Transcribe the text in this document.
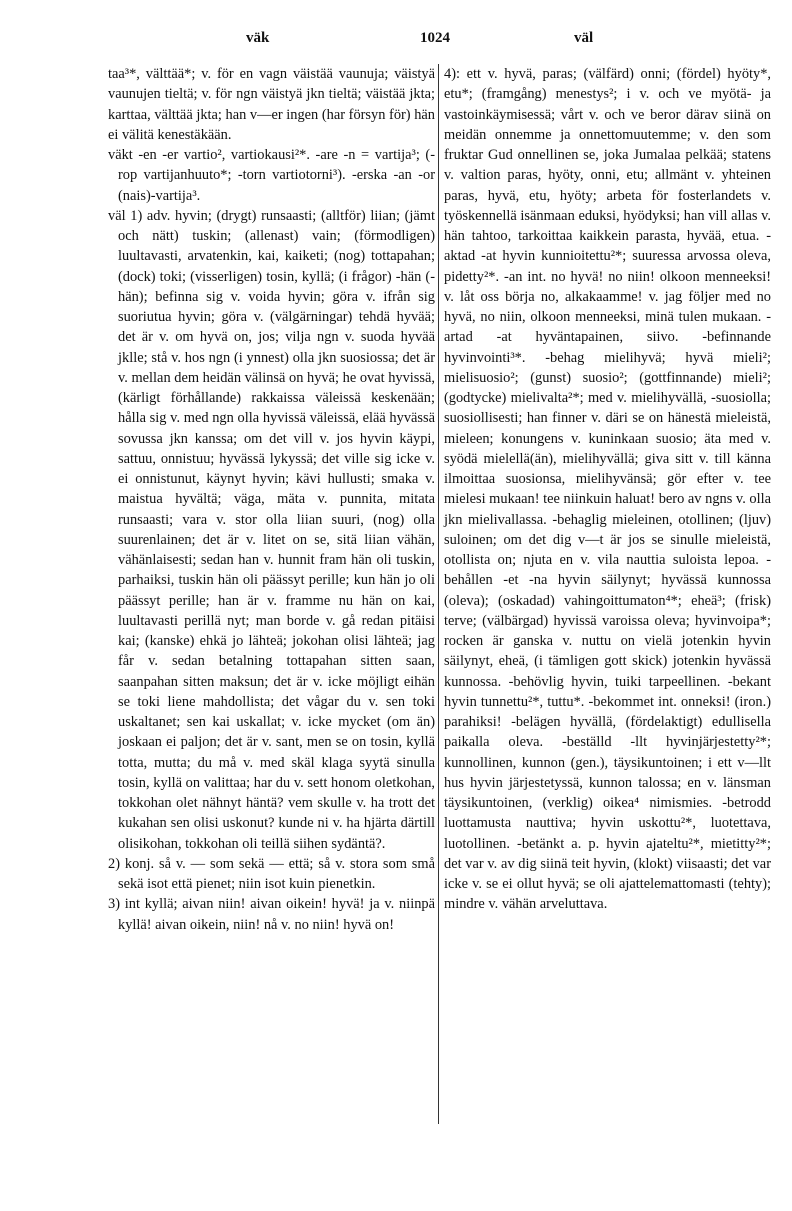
väk	1024	väl

taa³*, välttää*; v. för en vagn väistää vaunuja; väistyä vaunujen tieltä; v. för ngn väistyä jkn tieltä; väistää jkta; karttaa, välttää jkta; han v—er ingen (har försyn för) hän ei välitä kenestäkään.

väkt -en -er vartio², vartiokausi²*. -are -n = vartija³; (-rop vartijanhuuto*; -torn vartiotorni³). -erska -an -or (nais)-vartija³.

väl 1) adv. hyvin; (drygt) runsaasti; (alltför) liian; (jämt och nätt) tuskin; (allenast) vain; (förmodligen) luultavasti, arvatenkin, kai, kaiketi; (nog) tottapahan; (dock) toki; (visserligen) tosin, kyllä; (i frågor) -hän (-hän); befinna sig v. voida hyvin; göra v. ifrån sig suoriutua hyvin; göra v. (välgärningar) tehdä hyvää; det är v. om hyvä on, jos; vilja ngn v. suoda hyvää jklle; stå v. hos ngn (i ynnest) olla jkn suosiossa; det är v. mellan dem heidän välinsä on hyvä; he ovat hyvissä, (kärligt förhållande) rakkaissa väleissä keskenään; hålla sig v. med ngn olla hyvissä väleissä, elää hyvässä sovussa jkn kanssa; om det vill v. jos hyvin käypi, sattuu, onnistuu; hyvässä lykyssä; det ville sig icke v. ei onnistunut, käynyt hyvin; kävi hullusti; smaka v. maistua hyvältä; väga, mäta v. punnita, mitata runsaasti; vara v. stor olla liian suuri, (nog) olla suurenlainen; det är v. litet on se, sitä liian vähän, vähänlaisesti; sedan han v. hunnit fram hän oli tuskin, parhaiksi, tuskin hän oli päässyt perille; kun hän jo oli päässyt perille; han är v. framme nu hän on kai, luultavasti perillä nyt; man borde v. gå redan pitäisi kai; (kanske) ehkä jo lähteä; jokohan olisi lähteä; jag får v. sedan betalning tottapahan sitten saan, saanpahan sitten maksun; det är v. icke möjligt eihän se toki liene mahdollista; det vågar du v. sen toki uskaltanet; sen kai uskallat; v. icke mycket (om än) joskaan ei paljon; det är v. sant, men se on tosin, kyllä totta, mutta; du må v. med skäl klaga syytä sinulla tosin, kyllä on valittaa; har du v. sett honom oletkohan, tokkohan olet nähnyt häntä? vem skulle v. ha trott det kukahan sen olisi uskonut? kunde ni v. ha hjärta därtill olisikohan, tokkohan oli teillä siihen sydäntä?.

2) konj. så v. — som sekä — että; så v. stora som små sekä isot että pienet; niin isot kuin pienetkin.

3) int kyllä; aivan niin! aivan oikein! hyvä! ja v. niinpä kyllä! aivan oikein, niin! nå v. no niin! hyvä on!

4): ett v. hyvä, paras; (välfärd) onni; (fördel) hyöty*, etu*; (framgång) menestys²; i v. och ve myötä- ja vastoinkäymisessä; vårt v. och ve beror därav siinä on meidän onnemme ja onnettomuutemme; v. den som fruktar Gud onnellinen se, joka Jumalaa pelkää; statens v. valtion paras, hyöty, onni, etu; allmänt v. yhteinen paras, hyvä, etu, hyöty; arbeta för fosterlandets v. työskennellä isänmaan eduksi, hyödyksi; han vill allas v. hän tahtoo, tarkoittaa kaikkein parasta, hyvää, etua. -aktad -at hyvin kunnioitettu²*; suuressa arvossa oleva, pidetty²*. -an int. no hyvä! no niin! olkoon menneeksi! v. låt oss börja no, alkakaamme! v. jag följer med no hyvä, no niin, olkoon menneeksi, minä tulen mukaan. -artad -at hyväntapainen, siivo. -befinnande hyvinvointi³*. -behag mielihyvä; hyvä mieli²; mielisuosio²; (gunst) suosio²; (gottfinnande) mieli²; (godtycke) mielivalta²*; med v. mielihyvällä, -suosiolla; suosiollisesti; han finner v. däri se on hänestä mieleistä, mieleen; konungens v. kuninkaan suosio; äta med v. syödä mielellä(än), mielihyvällä; giva sitt v. till känna ilmoittaa suosionsa, mielihyvänsä; gör efter v. tee mielesi mukaan! tee niinkuin haluat! bero av ngns v. olla jkn mielivallassa. -behaglig mieleinen, otollinen; (ljuv) suloinen; om det dig v—t är jos se sinulle mieleistä, otollista on; njuta en v. vila nauttia suloista lepoa. -behållen -et -na hyvin säilynyt; hyvässä kunnossa (oleva); (oskadad) vahingoittumaton⁴*; eheä³; (frisk) terve; (välbärgad) hyvissä varoissa oleva; hyvinvoipa*; rocken är ganska v. nuttu on vielä jotenkin hyvin säilynyt, eheä, (i tämligen gott skick) jotenkin hyvässä kunnossa. -behövlig hyvin, tuiki tarpeellinen. -bekant hyvin tunnettu²*, tuttu*. -bekommet int. onneksi! (iron.) parahiksi! -belägen hyvällä, (fördelaktigt) edullisella paikalla oleva. -beställd -llt hyvinjärjestetty²*; kunnollinen, kunnon (gen.), täysikuntoinen; i ett v—llt hus hyvin järjestetyssä, kunnon talossa; en v. länsman täysikuntoinen, (verklig) oikea⁴ nimismies. -betrodd luottamusta nauttiva; hyvin uskottu²*, luotettava, luotollinen. -betänkt a. p. hyvin ajateltu²*, mietitty²*; det var v. av dig siinä teit hyvin, (klokt) viisaasti; det var icke v. se ei ollut hyvä; se oli ajattelemattomasti (tehty); mindre v. vähän arveluttava.
